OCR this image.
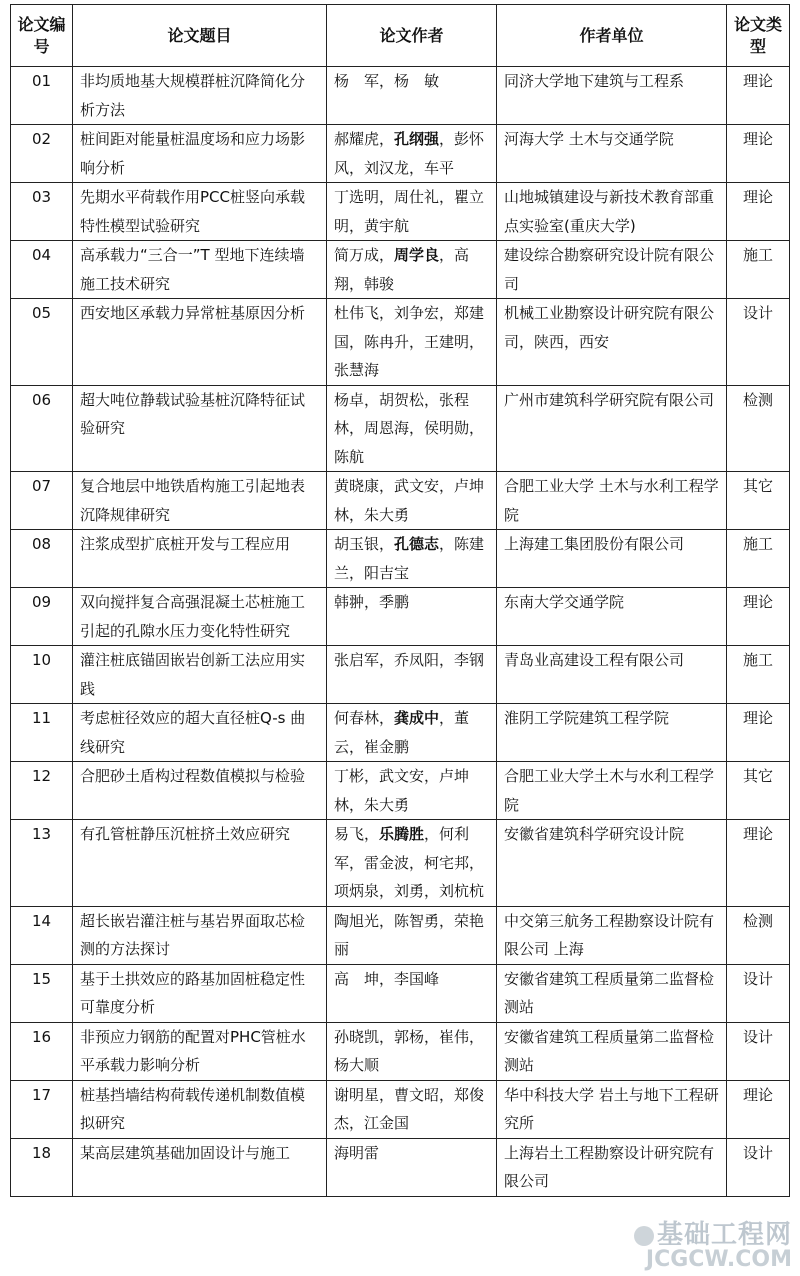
论文编号	论文题目	论文作者	作者单位	论文类型
01	非均质地基大规模群桩沉降简化分析方法	杨　军，杨　敏	同济大学地下建筑与工程系	理论
02	桩间距对能量桩温度场和应力场影响分析	郝耀虎，孔纲强，彭怀风，刘汉龙，车平	河海大学 土木与交通学院	理论
03	先期水平荷载作用PCC桩竖向承载特性模型试验研究	丁选明，周仕礼，瞿立明，黄宇航	山地城镇建设与新技术教育部重点实验室(重庆大学)	理论
04	高承载力“三合一”T 型地下连续墙施工技术研究	简万成，周学良，高翔，韩骏	建设综合勘察研究设计院有限公司	施工
05	西安地区承载力异常桩基原因分析	杜伟飞，刘争宏，郑建国，陈冉升，王建明，张慧海	机械工业勘察设计研究院有限公司，陕西，西安	设计
06	超大吨位静载试验基桩沉降特征试验研究	杨卓，胡贺松，张程林，周恩海，侯明勋，陈航	广州市建筑科学研究院有限公司	检测
07	复合地层中地铁盾构施工引起地表沉降规律研究	黄晓康，武文安，卢坤林，朱大勇	合肥工业大学 土木与水利工程学院	其它
08	注浆成型扩底桩开发与工程应用	胡玉银，孔德志，陈建兰，阳吉宝	上海建工集团股份有限公司	施工
09	双向搅拌复合高强混凝土芯桩施工引起的孔隙水压力变化特性研究	韩翀，季鹏	东南大学交通学院	理论
10	灌注桩底锚固嵌岩创新工法应用实践	张启军，乔凤阳，李钢	青岛业高建设工程有限公司	施工
11	考虑桩径效应的超大直径桩Q-s 曲线研究	何春林，龚成中，董云，崔金鹏	淮阴工学院建筑工程学院	理论
12	合肥砂土盾构过程数值模拟与检验	丁彬，武文安，卢坤林，朱大勇	合肥工业大学土木与水利工程学院	其它
13	有孔管桩静压沉桩挤土效应研究	易飞，乐腾胜，何利军，雷金波，柯宅邦，项炳泉，刘勇，刘杭杭	安徽省建筑科学研究设计院	理论
14	超长嵌岩灌注桩与基岩界面取芯检测的方法探讨	陶旭光，陈智勇，荣艳丽	中交第三航务工程勘察设计院有限公司 上海	检测
15	基于土拱效应的路基加固桩稳定性可靠度分析	高　坤，李国峰	安徽省建筑工程质量第二监督检测站	设计
16	非预应力钢筋的配置对PHC管桩水平承载力影响分析	孙晓凯，郭杨，崔伟，杨大顺	安徽省建筑工程质量第二监督检测站	设计
17	桩基挡墙结构荷载传递机制数值模拟研究	谢明星，曹文昭，郑俊杰，江金国	华中科技大学 岩土与地下工程研究所	理论
18	某高层建筑基础加固设计与施工	海明雷	上海岩土工程勘察设计研究院有限公司	设计
基础工程网
JCGCW.COM
